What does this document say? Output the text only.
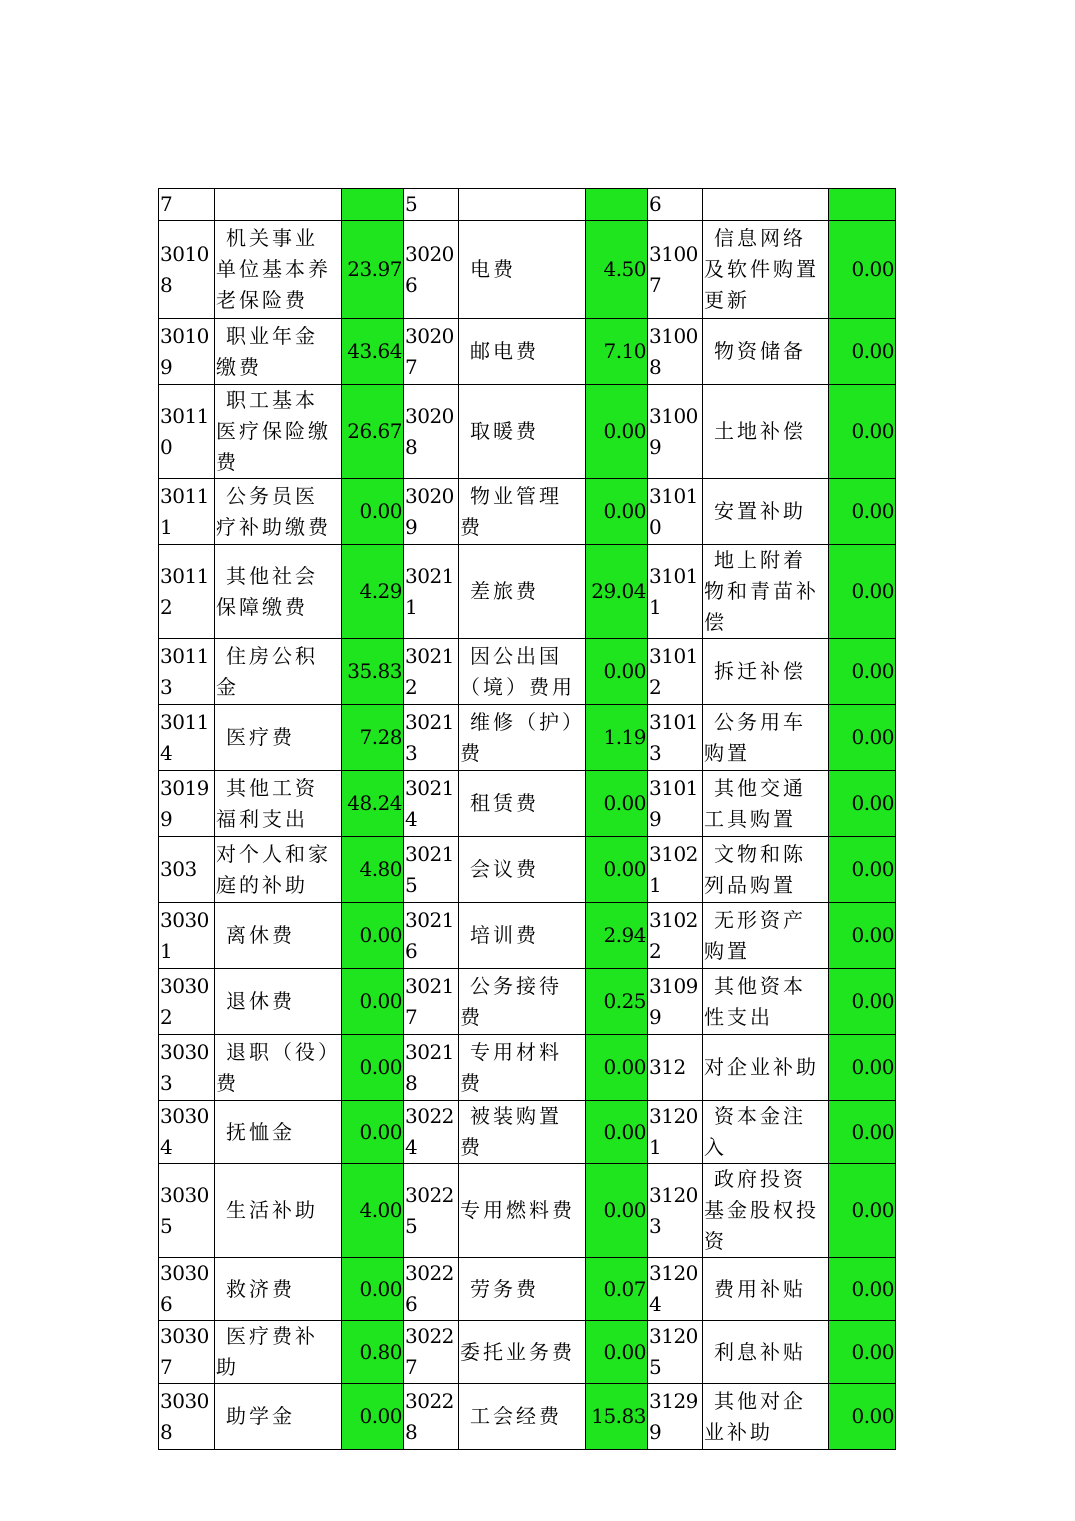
7			5			6		
30108	机关事业单位基本养老保险费	23.97	30206	电费	4.50	31007	信息网络及软件购置更新	0.00
30109	职业年金缴费	43.64	30207	邮电费	7.10	31008	物资储备	0.00
30110	职工基本医疗保险缴费	26.67	30208	取暖费	0.00	31009	土地补偿	0.00
30111	公务员医疗补助缴费	0.00	30209	物业管理费	0.00	31010	安置补助	0.00
30112	其他社会保障缴费	4.29	30211	差旅费	29.04	31011	地上附着物和青苗补偿	0.00
30113	住房公积金	35.83	30212	因公出国（境）费用	0.00	31012	拆迁补偿	0.00
30114	医疗费	7.28	30213	维修（护）费	1.19	31013	公务用车购置	0.00
30199	其他工资福利支出	48.24	30214	租赁费	0.00	31019	其他交通工具购置	0.00
303	对个人和家庭的补助	4.80	30215	会议费	0.00	31021	文物和陈列品购置	0.00
30301	离休费	0.00	30216	培训费	2.94	31022	无形资产购置	0.00
30302	退休费	0.00	30217	公务接待费	0.25	31099	其他资本性支出	0.00
30303	退职（役）费	0.00	30218	专用材料费	0.00	312	对企业补助	0.00
30304	抚恤金	0.00	30224	被装购置费	0.00	31201	资本金注入	0.00
30305	生活补助	4.00	30225	专用燃料费	0.00	31203	政府投资基金股权投资	0.00
30306	救济费	0.00	30226	劳务费	0.07	31204	费用补贴	0.00
30307	医疗费补助	0.80	30227	委托业务费	0.00	31205	利息补贴	0.00
30308	助学金	0.00	30228	工会经费	15.83	31299	其他对企业补助	0.00
